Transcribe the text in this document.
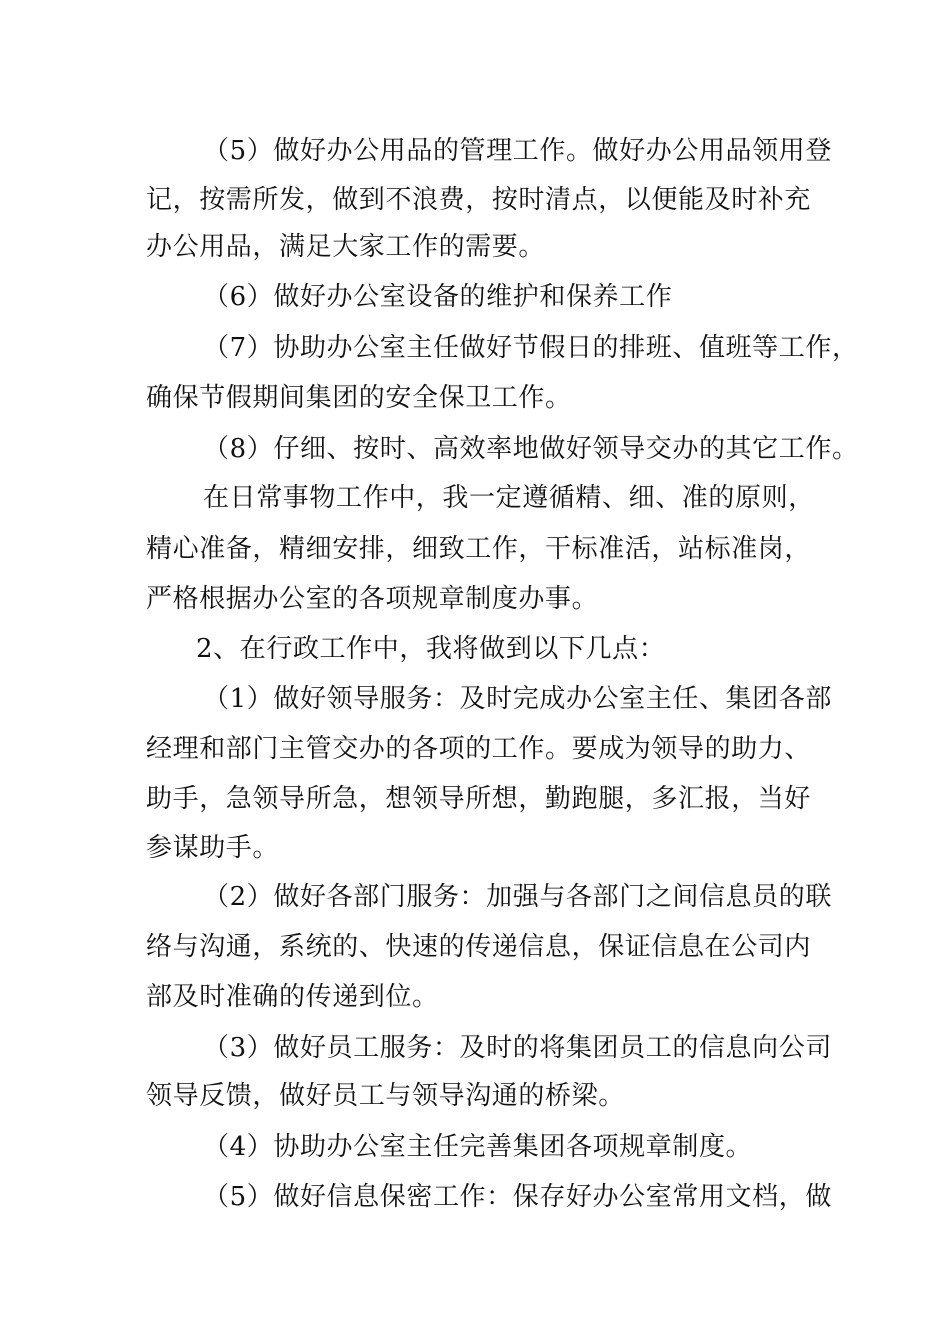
（5）做好办公用品的管理工作。做好办公用品领用登
记，按需所发，做到不浪费，按时清点，以便能及时补充
办公用品，满足大家工作的需要。
（6）做好办公室设备的维护和保养工作
（7）协助办公室主任做好节假日的排班、值班等工作，
确保节假期间集团的安全保卫工作。
（8）仔细、按时、高效率地做好领导交办的其它工作。
在日常事物工作中，我一定遵循精、细、准的原则，
精心准备，精细安排，细致工作，干标准活，站标准岗，
严格根据办公室的各项规章制度办事。
2、在行政工作中，我将做到以下几点：
（1）做好领导服务：及时完成办公室主任、集团各部
经理和部门主管交办的各项的工作。要成为领导的助力、
助手，急领导所急，想领导所想，勤跑腿，多汇报，当好
参谋助手。
（2）做好各部门服务：加强与各部门之间信息员的联
络与沟通，系统的、快速的传递信息，保证信息在公司内
部及时准确的传递到位。
（3）做好员工服务：及时的将集团员工的信息向公司
领导反馈，做好员工与领导沟通的桥梁。
（4）协助办公室主任完善集团各项规章制度。
（5）做好信息保密工作：保存好办公室常用文档，做
